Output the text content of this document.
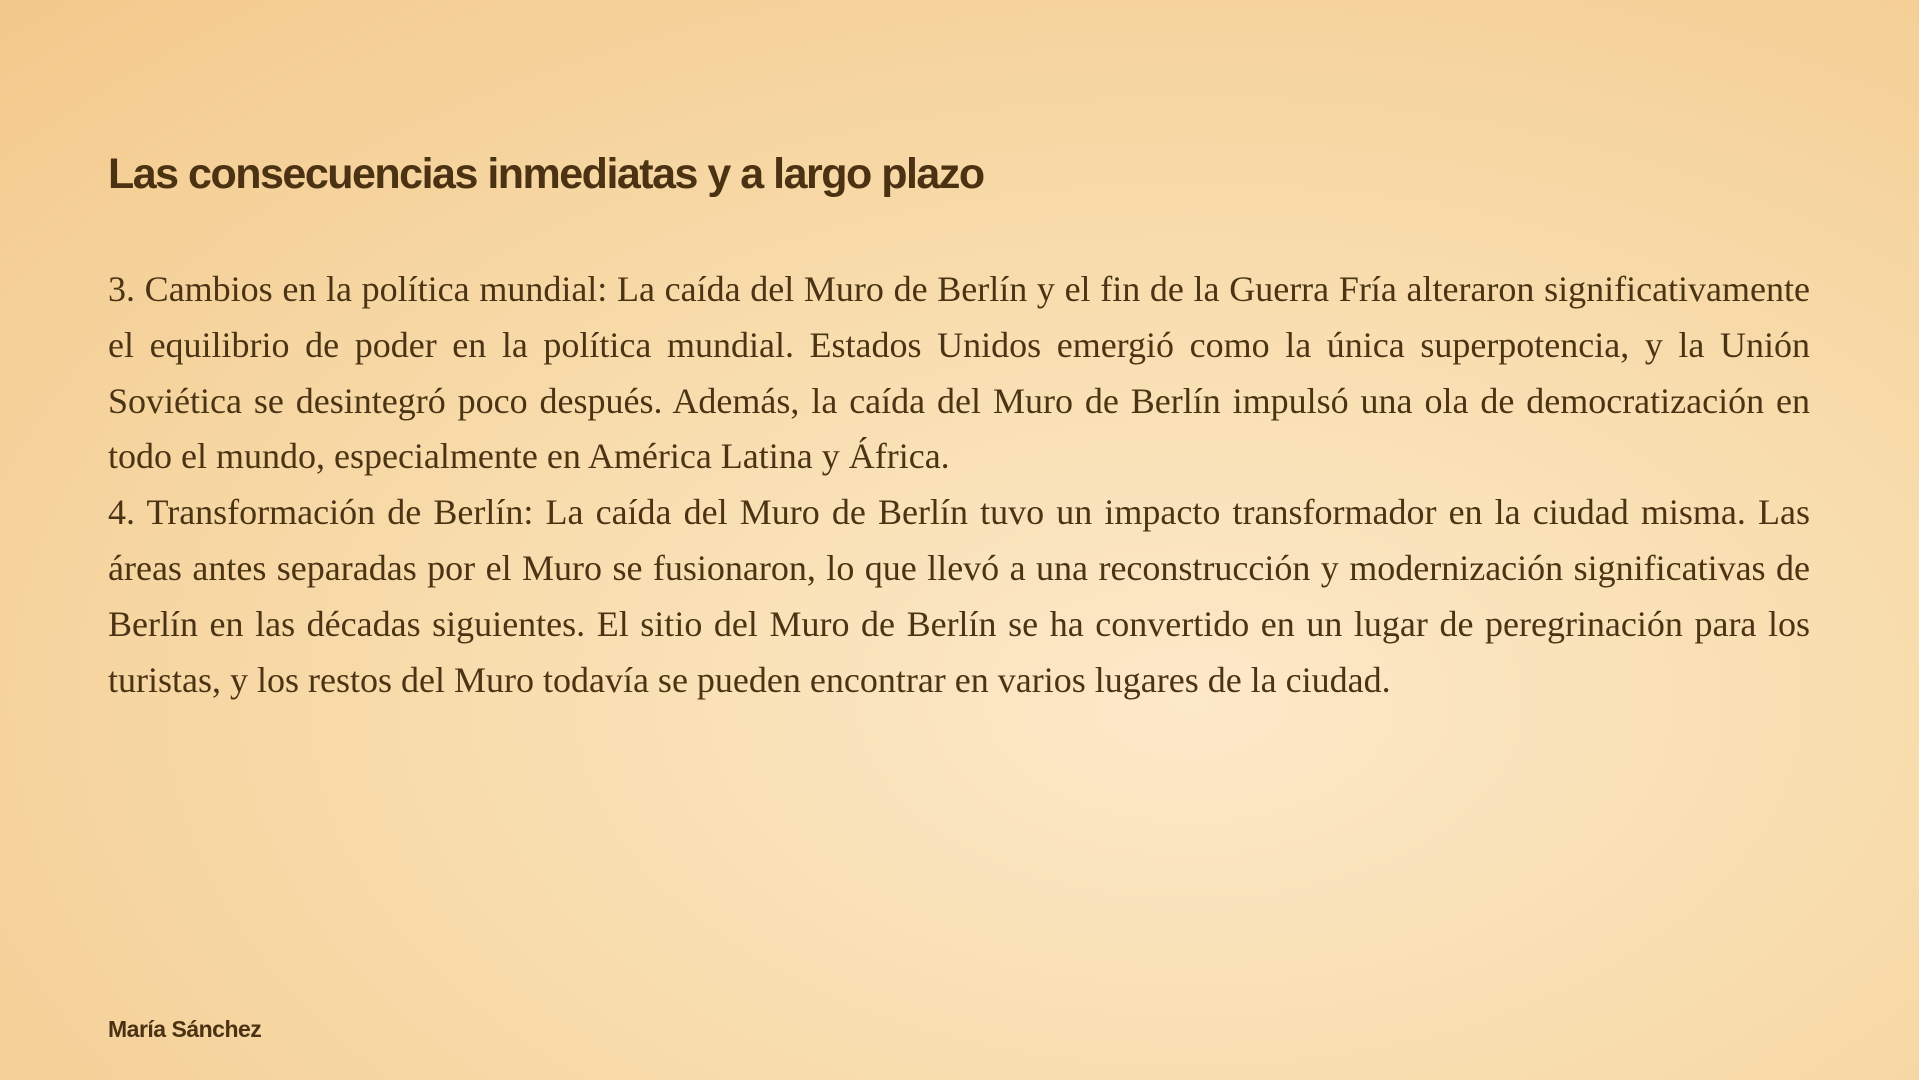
Las consecuencias inmediatas y a largo plazo

3. Cambios en la política mundial: La caída del Muro de Berlín y el fin de la Guerra Fría alteraron significativamente el equilibrio de poder en la política mundial. Estados Unidos emergió como la única superpotencia, y la Unión Soviética se desintegró poco después. Además, la caída del Muro de Berlín impulsó una ola de democratización en todo el mundo, especialmente en América Latina y África.

4. Transformación de Berlín: La caída del Muro de Berlín tuvo un impacto transformador en la ciudad misma. Las áreas antes separadas por el Muro se fusionaron, lo que llevó a una reconstrucción y modernización significativas de Berlín en las décadas siguientes. El sitio del Muro de Berlín se ha convertido en un lugar de peregrinación para los turistas, y los restos del Muro todavía se pueden encontrar en varios lugares de la ciudad.

María Sánchez
